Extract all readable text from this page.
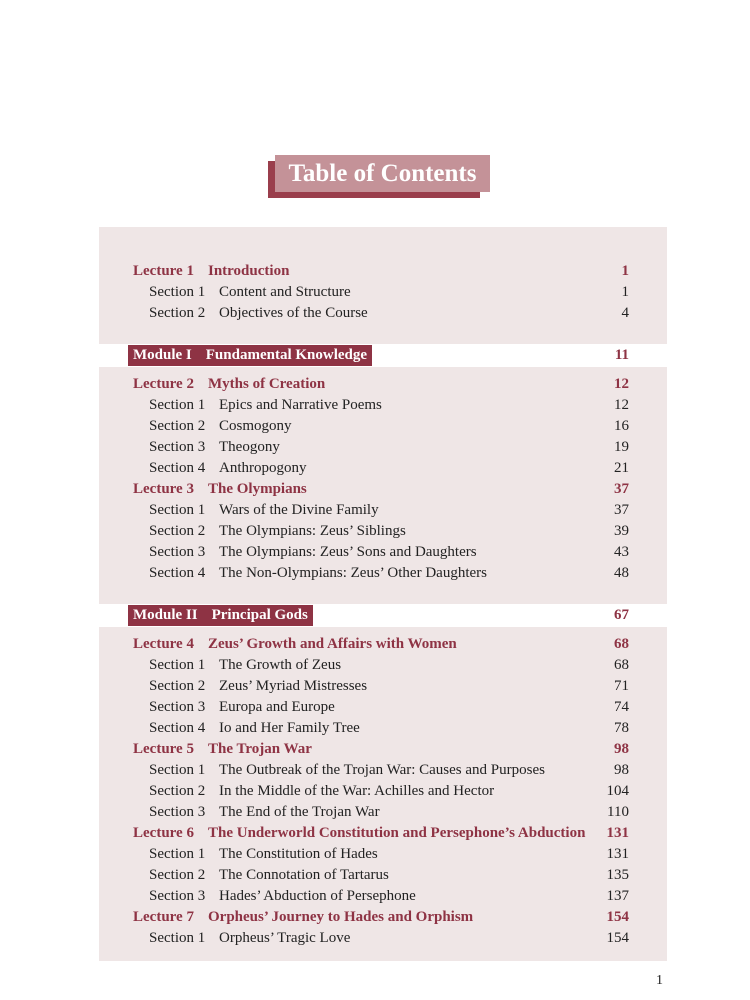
Table of Contents
Lecture 1 Introduction	1
Section 1 Content and Structure	1
Section 2 Objectives of the Course	4
Module I Fundamental Knowledge	11
Lecture 2 Myths of Creation	12
Section 1 Epics and Narrative Poems	12
Section 2 Cosmogony	16
Section 3 Theogony	19
Section 4 Anthropogony	21
Lecture 3 The Olympians	37
Section 1 Wars of the Divine Family	37
Section 2 The Olympians: Zeus’ Siblings	39
Section 3 The Olympians: Zeus’ Sons and Daughters	43
Section 4 The Non-Olympians: Zeus’ Other Daughters	48
Module II Principal Gods	67
Lecture 4 Zeus’ Growth and Affairs with Women	68
Section 1 The Growth of Zeus	68
Section 2 Zeus’ Myriad Mistresses	71
Section 3 Europa and Europe	74
Section 4 Io and Her Family Tree	78
Lecture 5 The Trojan War	98
Section 1 The Outbreak of the Trojan War: Causes and Purposes	98
Section 2 In the Middle of the War: Achilles and Hector	104
Section 3 The End of the Trojan War	110
Lecture 6 The Underworld Constitution and Persephone’s Abduction 131
Section 1 The Constitution of Hades	131
Section 2 The Connotation of Tartarus	135
Section 3 Hades’ Abduction of Persephone	137
Lecture 7 Orpheus’ Journey to Hades and Orphism	154
Section 1 Orpheus’ Tragic Love	154
1
